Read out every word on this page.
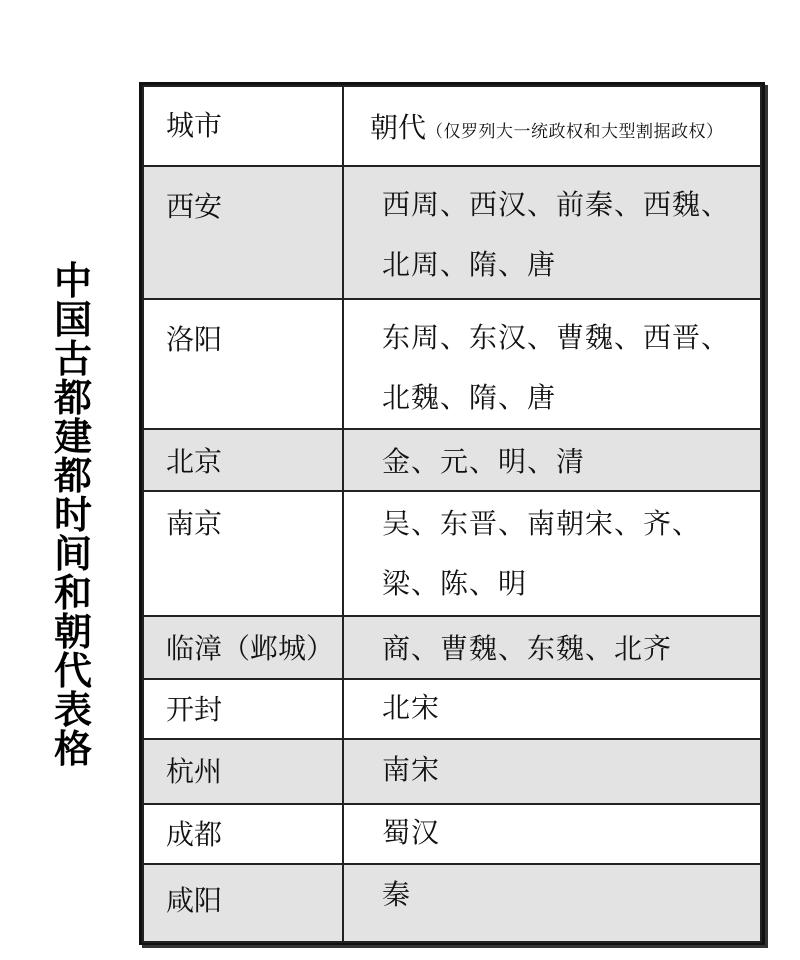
中国古都建都时间和朝代表格
城市	朝代（仅罗列大一统政权和大型割据政权）

西安	西周、西汉、前秦、西魏、北周、隋、唐

洛阳	东周、东汉、曹魏、西晋、北魏、隋、唐

北京	金、元、明、清

南京	吴、东晋、南朝宋、齐、梁、陈、明

临漳（邺城）	商、曹魏、东魏、北齐

开封	北宋

杭州	南宋

成都	蜀汉

咸阳	秦
